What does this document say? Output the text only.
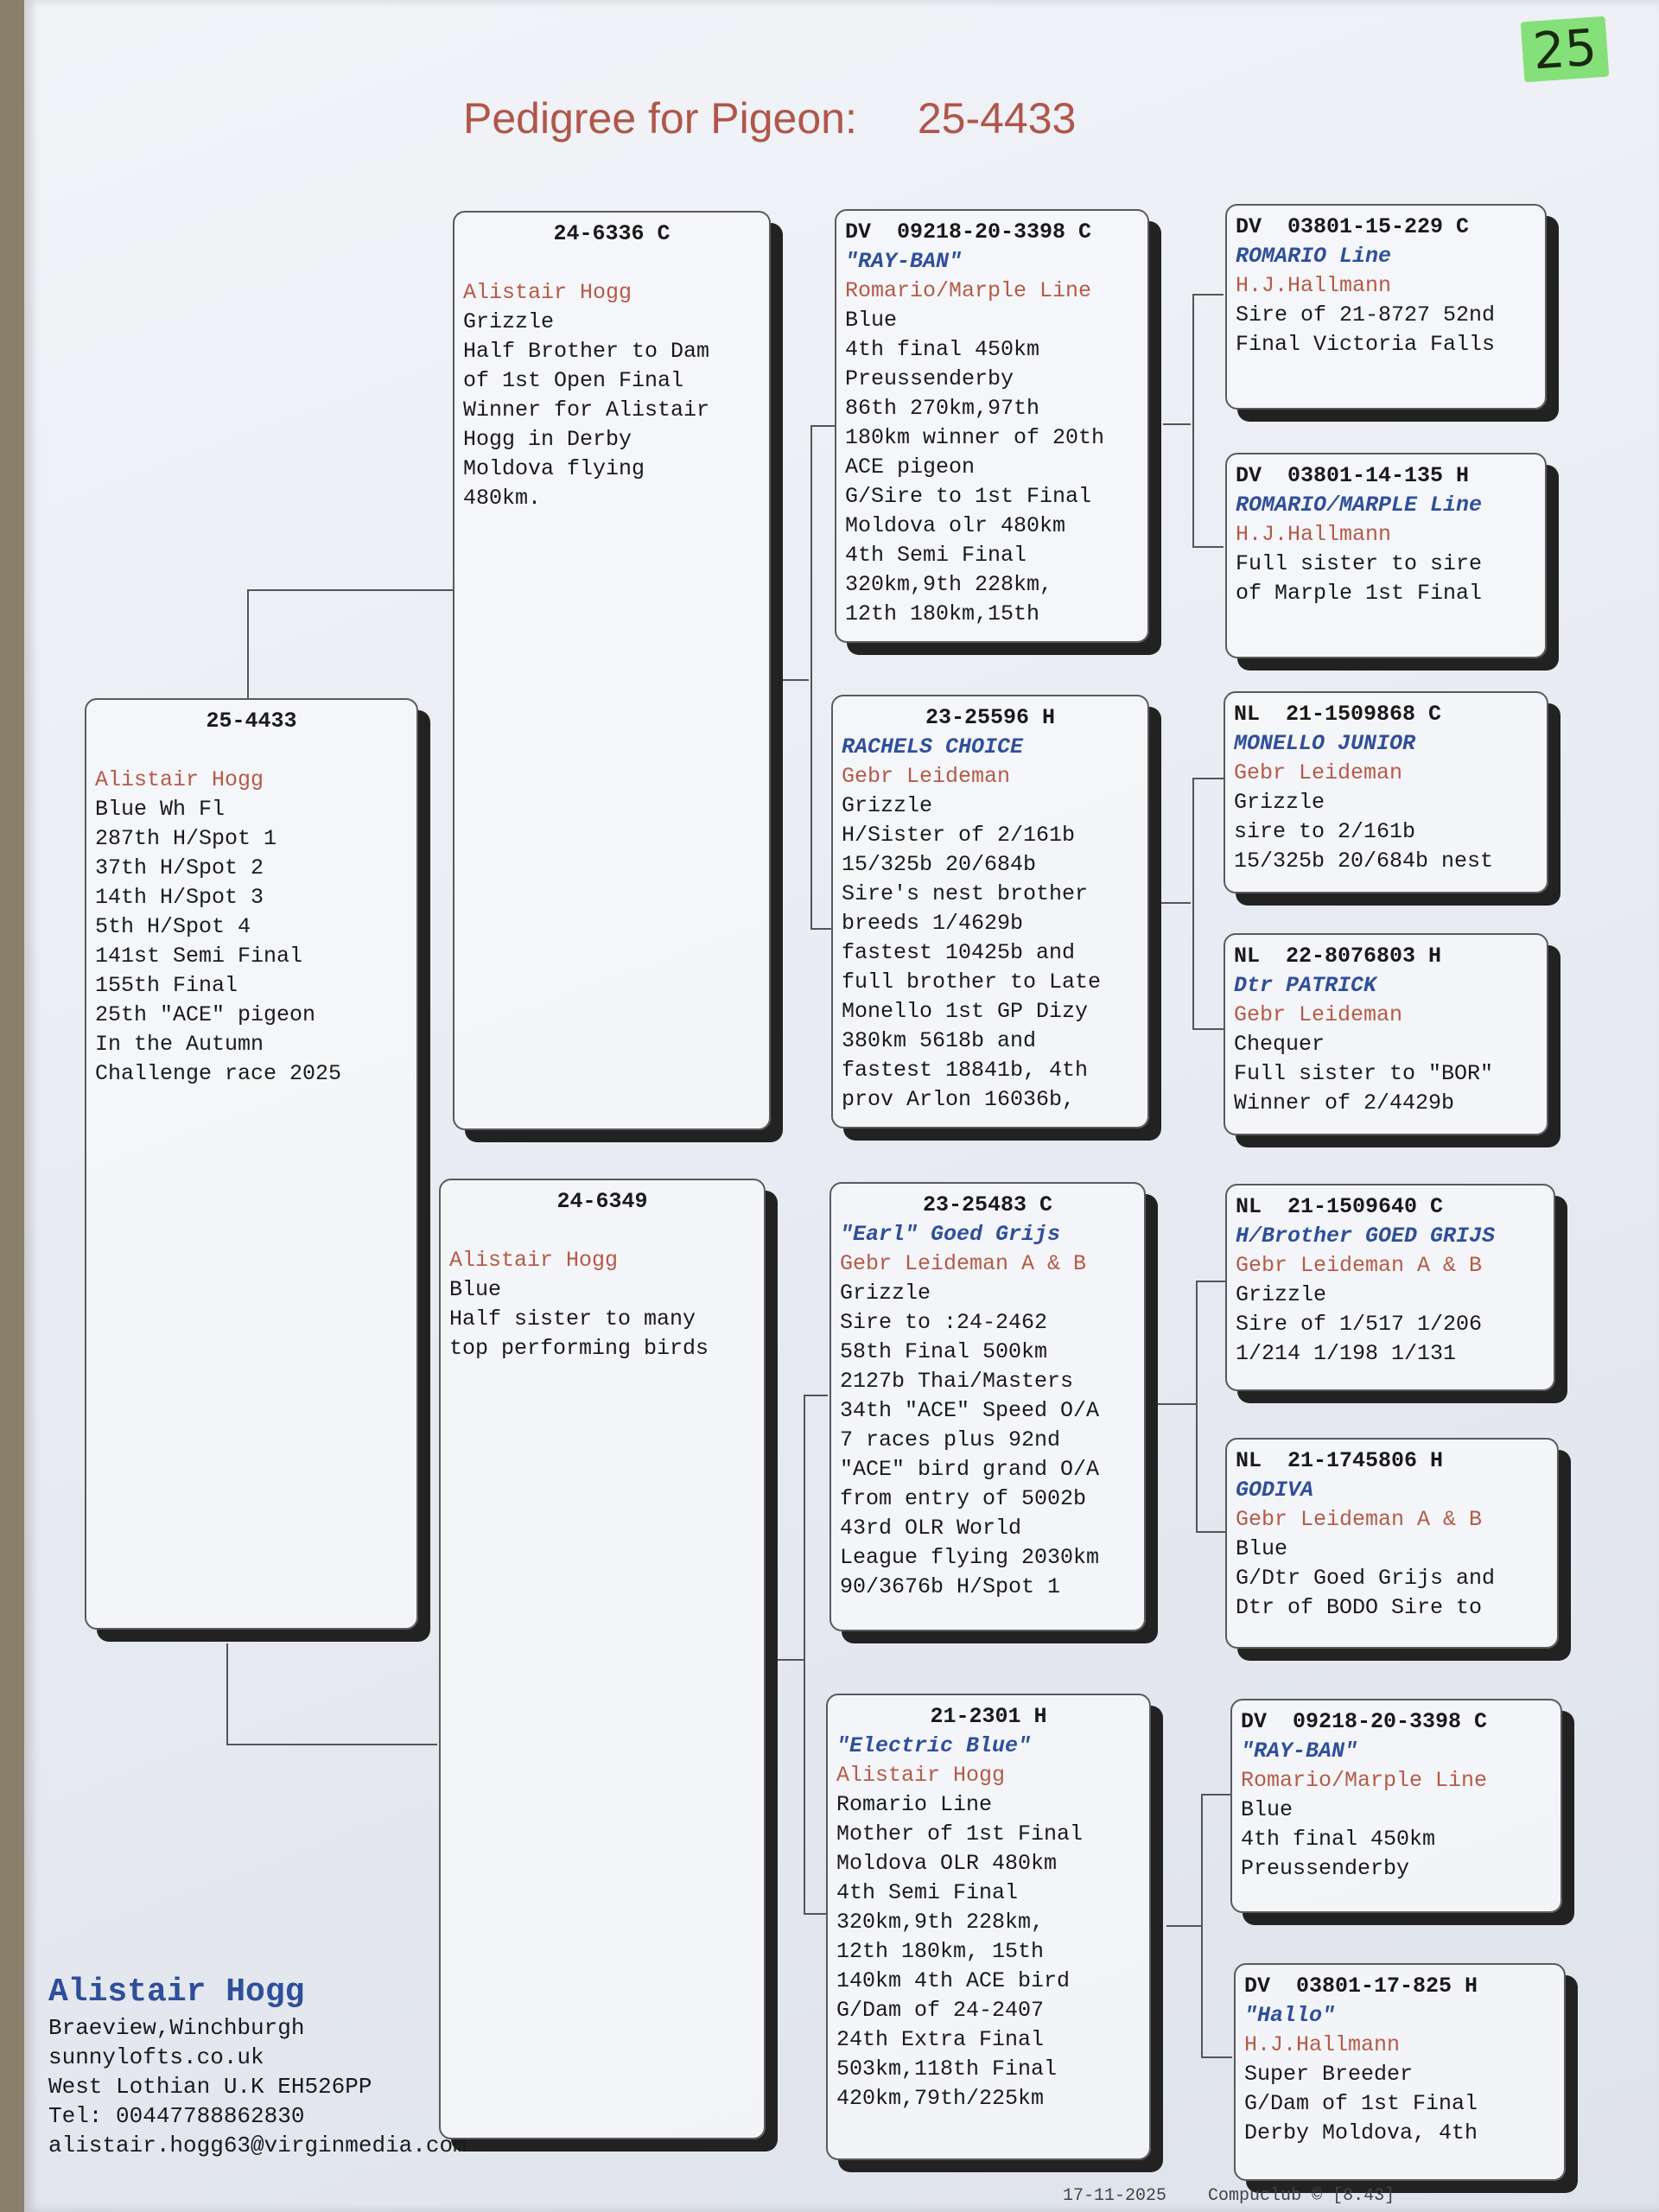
25
Pedigree for Pigeon: 25-4433
25-4433
Alistair Hogg
Blue Wh Fl
287th H/Spot 1
37th H/Spot 2
14th H/Spot 3
5th H/Spot 4
141st Semi Final
155th Final
25th "ACE" pigeon
In the Autumn
Challenge race 2025
24-6336 C
Alistair Hogg
Grizzle
Half Brother to Dam
of 1st Open Final
Winner for Alistair
Hogg in Derby
Moldova flying
480km.
24-6349
Alistair Hogg
Blue
Half sister to many
top performing birds
DV  09218-20-3398 C
"RAY-BAN"
Romario/Marple Line
Blue
4th final 450km
Preussenderby
86th 270km,97th
180km winner of 20th
ACE pigeon
G/Sire to 1st Final
Moldova olr 480km
4th Semi Final
320km,9th 228km,
12th 180km,15th
23-25596 H
RACHELS CHOICE
Gebr Leideman
Grizzle
H/Sister of 2/161b
15/325b 20/684b
Sire's nest brother
breeds 1/4629b
fastest 10425b and
full brother to Late
Monello 1st GP Dizy
380km 5618b and
fastest 18841b, 4th
prov Arlon 16036b,
23-25483 C
"Earl" Goed Grijs
Gebr Leideman A & B
Grizzle
Sire to :24-2462
58th Final 500km
2127b Thai/Masters
34th "ACE" Speed O/A
7 races plus 92nd
"ACE" bird grand O/A
from entry of 5002b
43rd OLR World
League flying 2030km
90/3676b H/Spot 1
21-2301 H
"Electric Blue"
Alistair Hogg
Romario Line
Mother of 1st Final
Moldova OLR 480km
4th Semi Final
320km,9th 228km,
12th 180km, 15th
140km 4th ACE bird
G/Dam of 24-2407
24th Extra Final
503km,118th Final
420km,79th/225km
DV  03801-15-229 C
ROMARIO Line
H.J.Hallmann
Sire of 21-8727 52nd
Final Victoria Falls
DV  03801-14-135 H
ROMARIO/MARPLE Line
H.J.Hallmann
Full sister to sire
of Marple 1st Final
NL  21-1509868 C
MONELLO JUNIOR
Gebr Leideman
Grizzle
sire to 2/161b
15/325b 20/684b nest
NL  22-8076803 H
Dtr PATRICK
Gebr Leideman
Chequer
Full sister to "BOR"
Winner of 2/4429b
NL  21-1509640 C
H/Brother GOED GRIJS
Gebr Leideman A & B
Grizzle
Sire of 1/517 1/206
1/214 1/198 1/131
NL  21-1745806 H
GODIVA
Gebr Leideman A & B
Blue
G/Dtr Goed Grijs and
Dtr of BODO Sire to
DV  09218-20-3398 C
"RAY-BAN"
Romario/Marple Line
Blue
4th final 450km
Preussenderby
DV  03801-17-825 H
"Hallo"
H.J.Hallmann
Super Breeder
G/Dam of 1st Final
Derby Moldova, 4th
Alistair Hogg
Braeview,Winchburgh
sunnylofts.co.uk
West Lothian U.K EH526PP
Tel: 00447788862830
alistair.hogg63@virginmedia.com
17-11-2025 Compuclub © [8.43]
